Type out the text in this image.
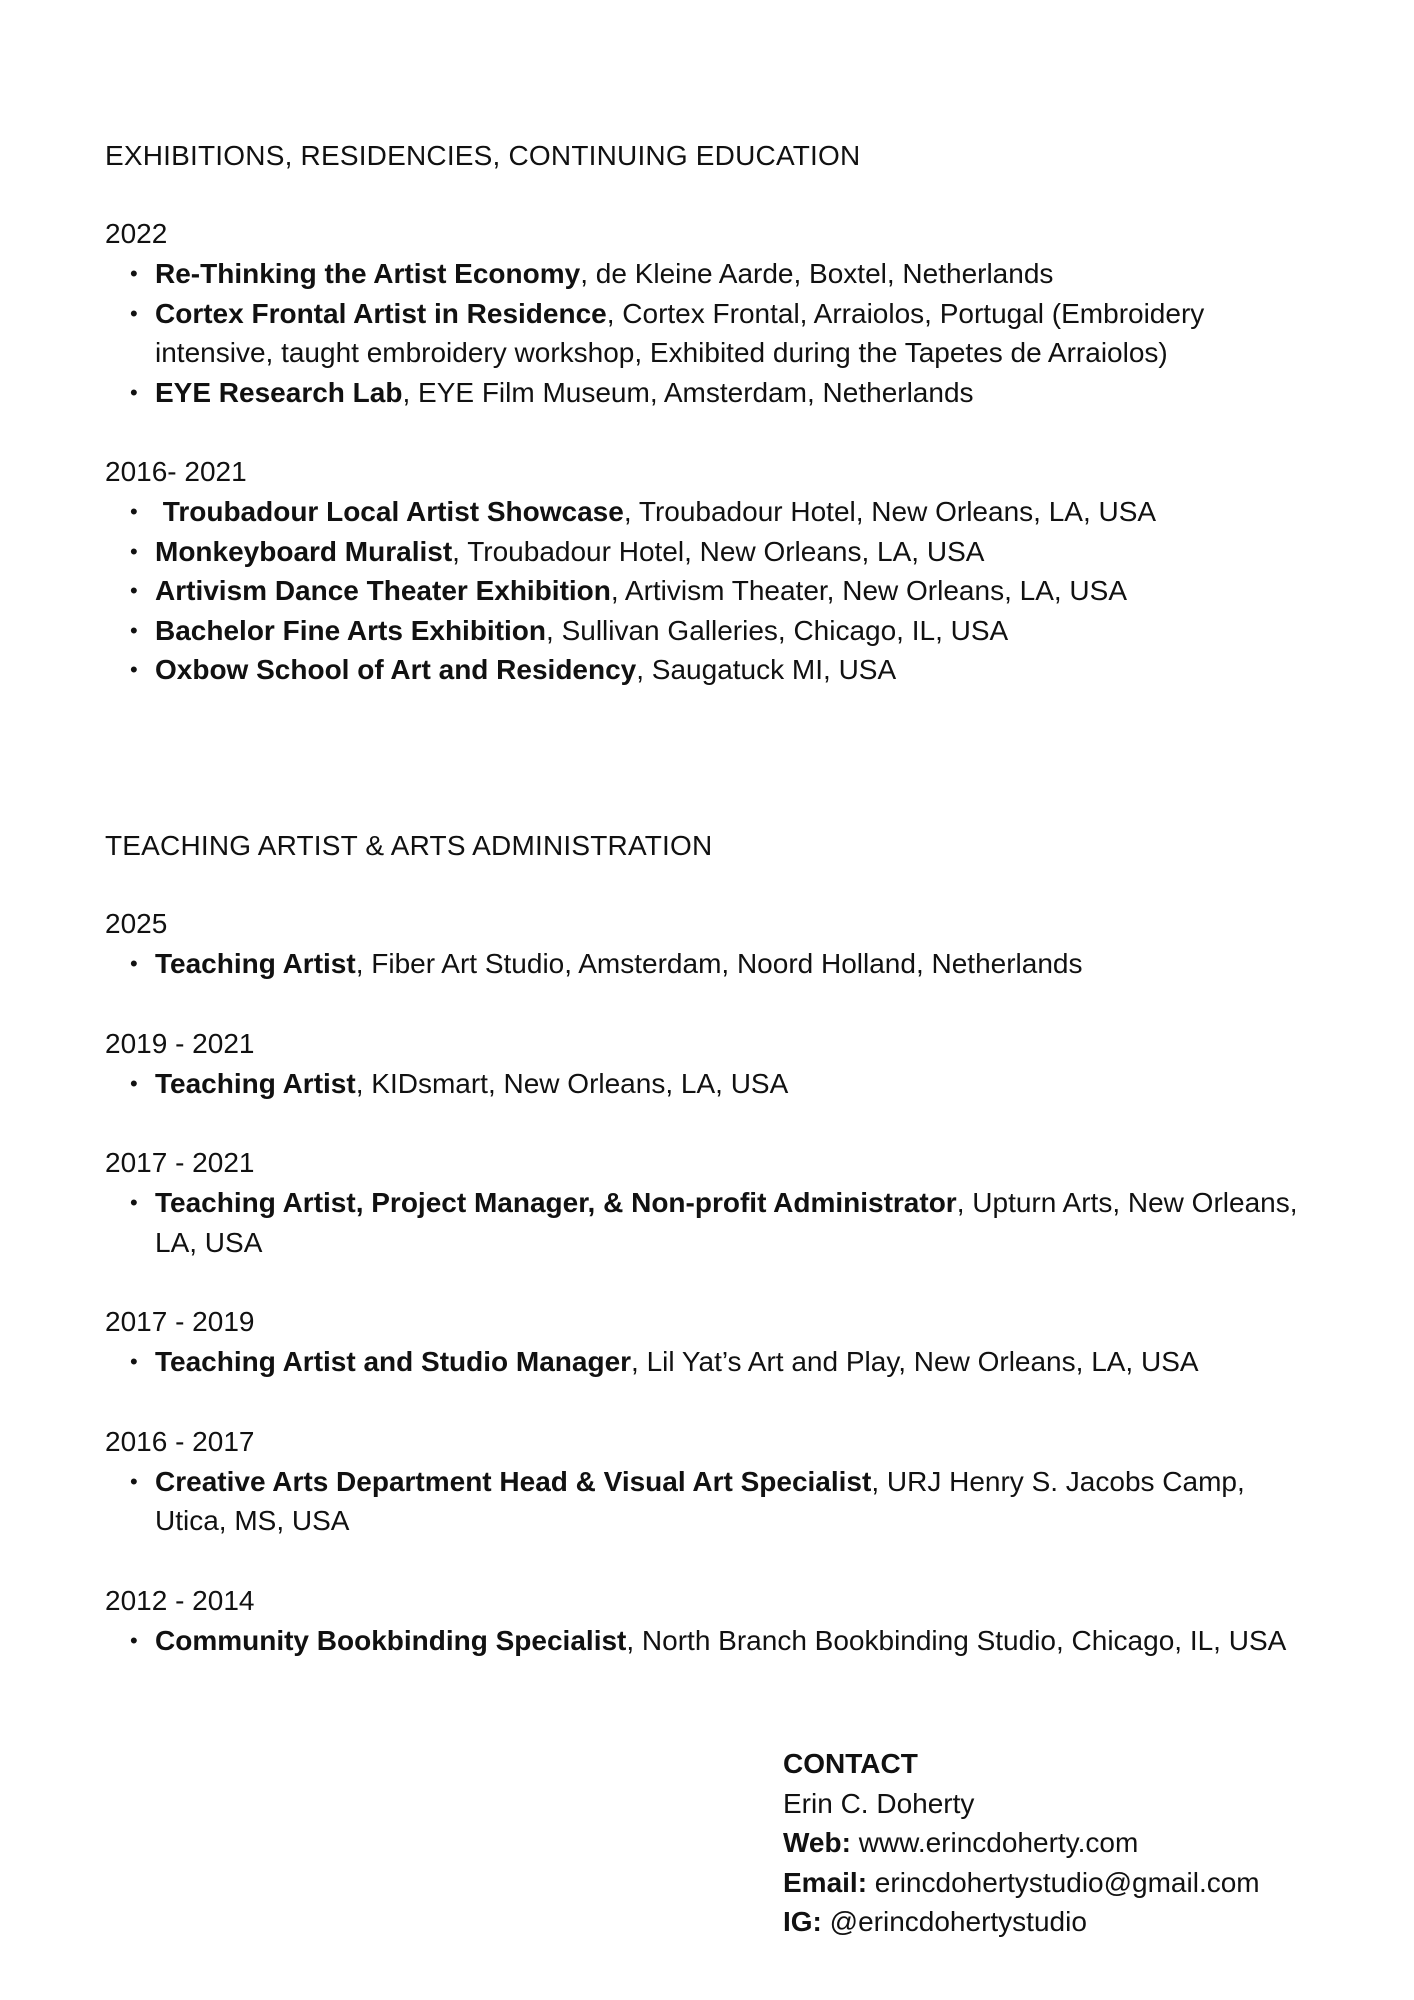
EXHIBITIONS, RESIDENCIES, CONTINUING EDUCATION
2022
• Re-Thinking the Artist Economy, de Kleine Aarde, Boxtel, Netherlands
• Cortex Frontal Artist in Residence, Cortex Frontal, Arraiolos, Portugal (Embroidery intensive, taught embroidery workshop, Exhibited during the Tapetes de Arraiolos)
• EYE Research Lab, EYE Film Museum, Amsterdam, Netherlands
2016- 2021
•  Troubadour Local Artist Showcase, Troubadour Hotel, New Orleans, LA, USA
• Monkeyboard Muralist, Troubadour Hotel, New Orleans, LA, USA
• Artivism Dance Theater Exhibition, Artivism Theater, New Orleans, LA, USA
• Bachelor Fine Arts Exhibition, Sullivan Galleries, Chicago, IL, USA
• Oxbow School of Art and Residency, Saugatuck MI, USA
TEACHING ARTIST & ARTS ADMINISTRATION
2025
• Teaching Artist, Fiber Art Studio, Amsterdam, Noord Holland, Netherlands
2019 - 2021
• Teaching Artist, KIDsmart, New Orleans, LA, USA
2017 - 2021
• Teaching Artist, Project Manager, & Non-profit Administrator, Upturn Arts, New Orleans, LA, USA
2017 - 2019
• Teaching Artist and Studio Manager, Lil Yat’s Art and Play, New Orleans, LA, USA
2016 - 2017
• Creative Arts Department Head & Visual Art Specialist, URJ Henry S. Jacobs Camp, Utica, MS, USA
2012 - 2014
• Community Bookbinding Specialist, North Branch Bookbinding Studio, Chicago, IL, USA
CONTACT
Erin C. Doherty
Web: www.erincdoherty.com
Email: erincdohertystudio@gmail.com
IG: @erincdohertystudio
